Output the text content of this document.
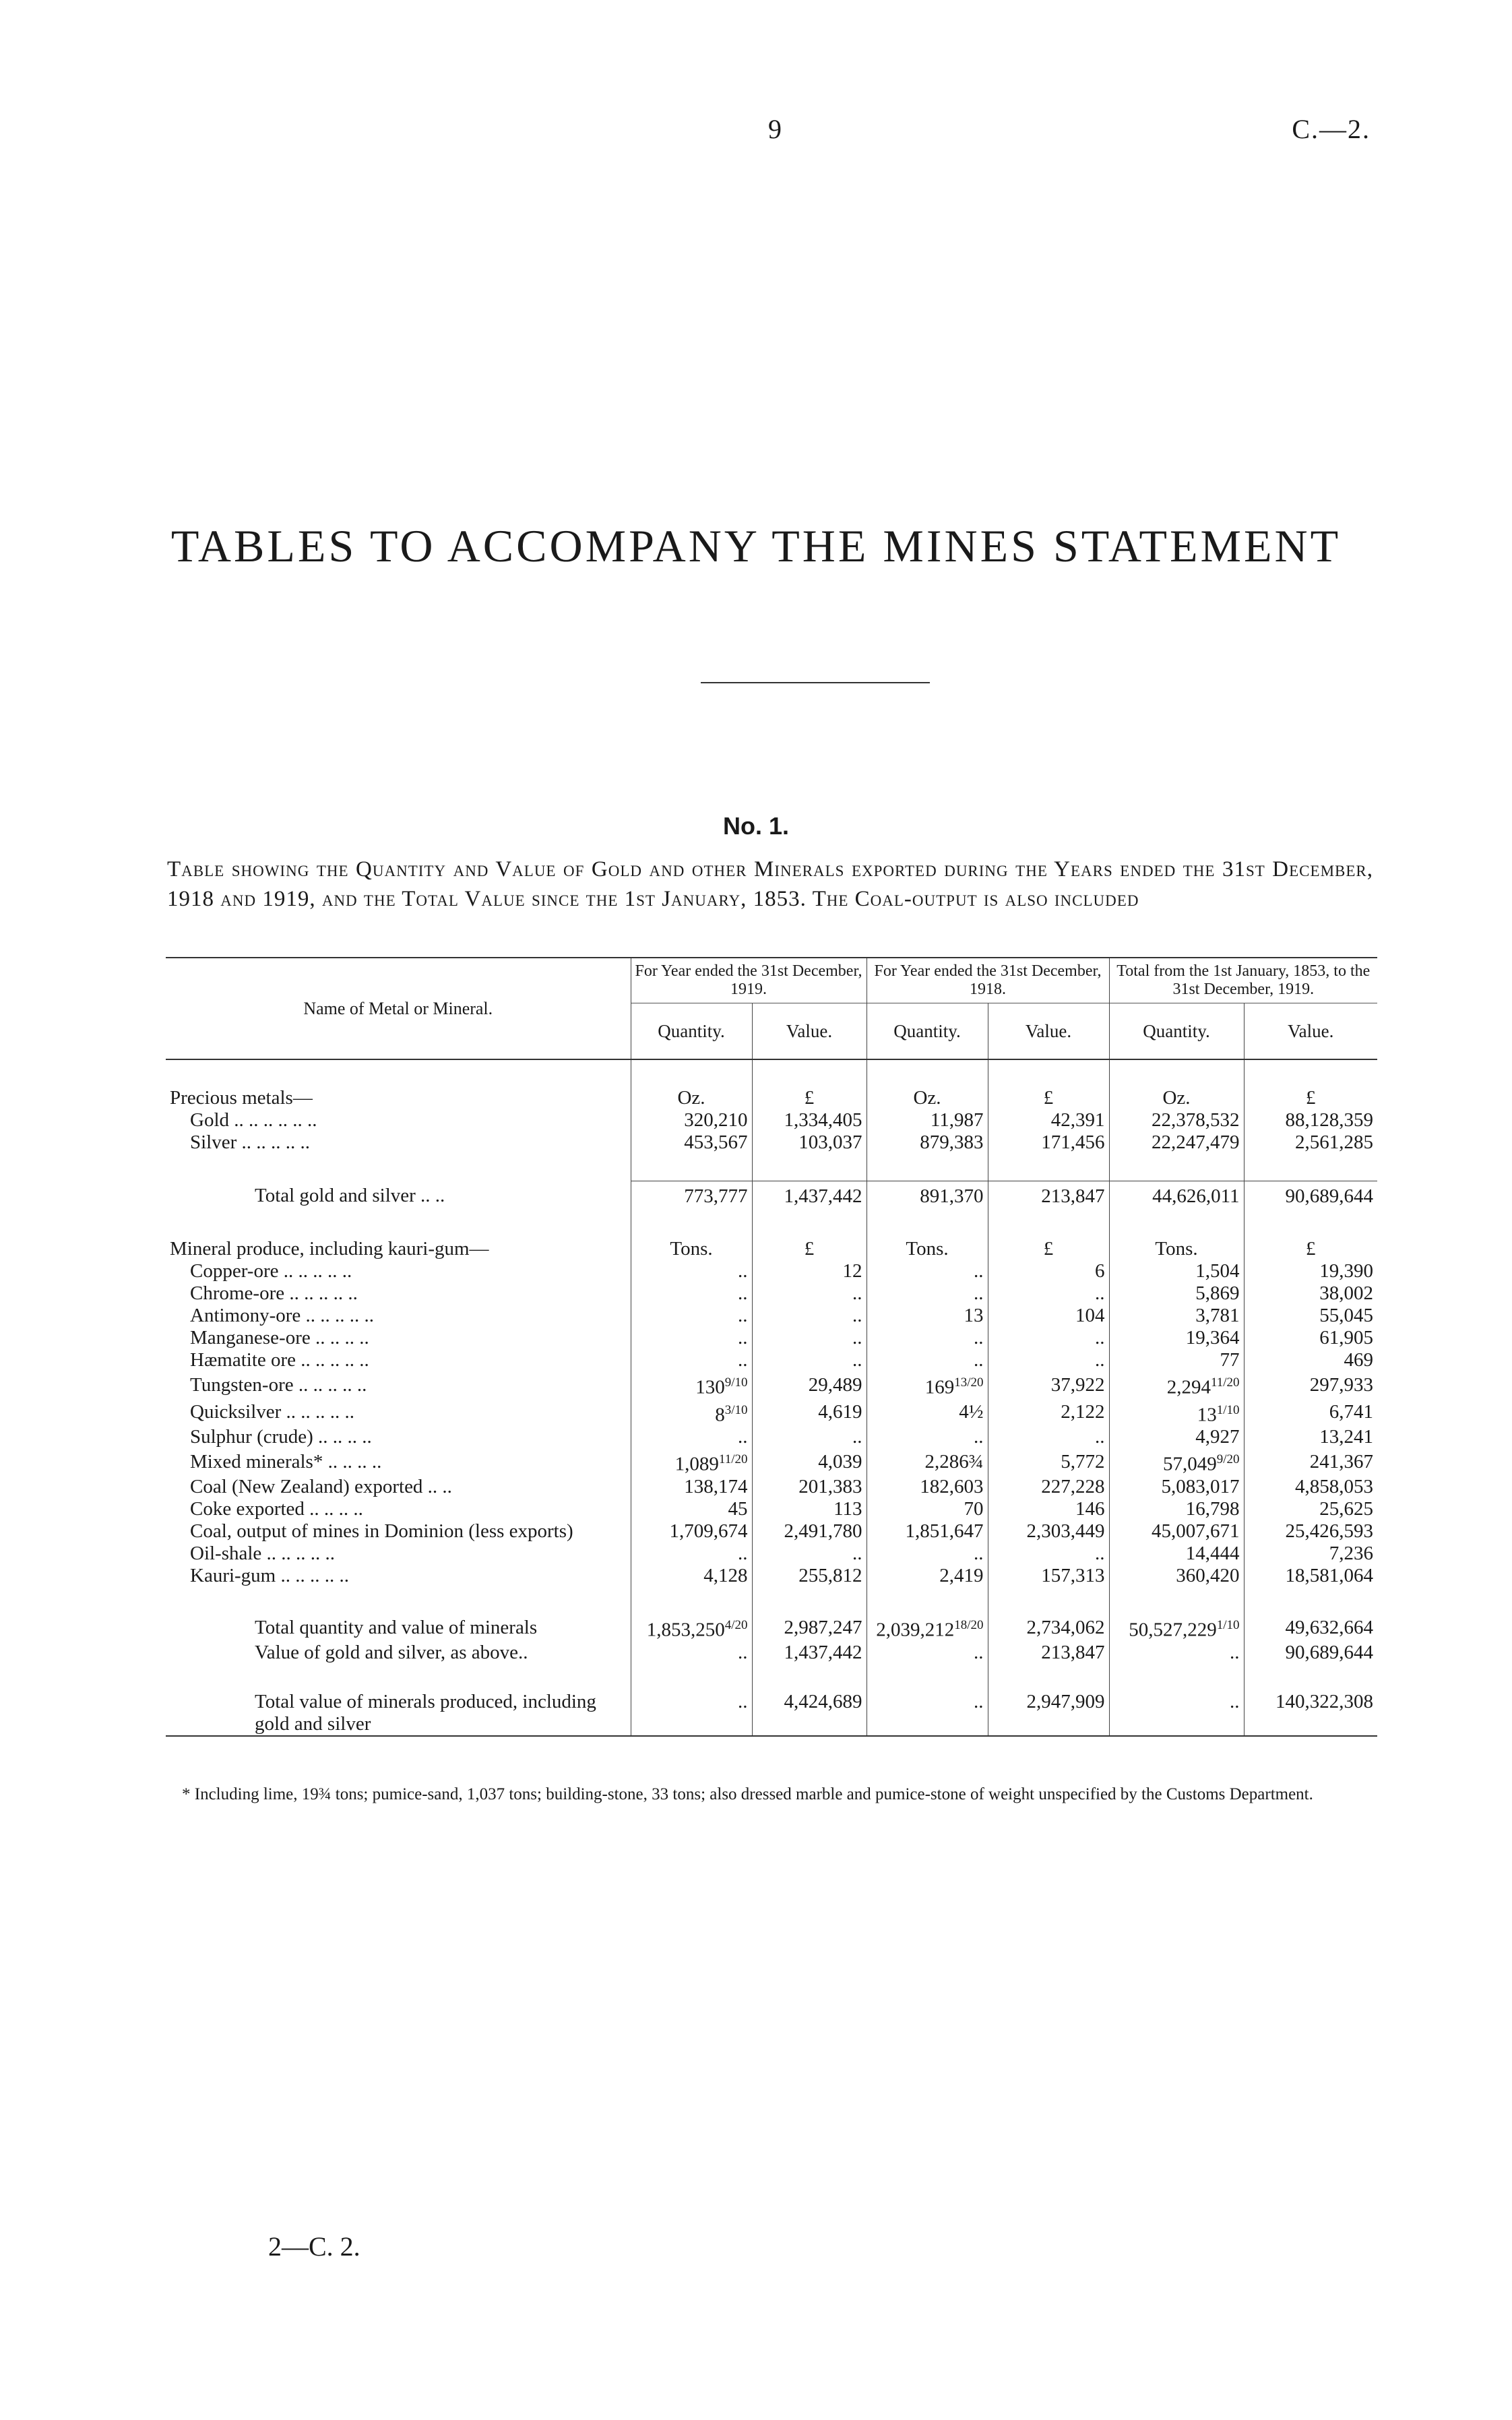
9	C.—2.
TABLES TO ACCOMPANY THE MINES STATEMENT
No. 1.
Table showing the Quantity and Value of Gold and other Minerals exported during the Years ended the 31st December, 1918 and 1919, and the Total Value since the 1st January, 1853. The Coal-output is also included
Name of Metal or Mineral.	For Year ended the 31st December, 1919.		For Year ended the 31st December, 1918.		Total from the 1st January, 1853, to the 31st December, 1919.	
	Quantity.	Value.	Quantity.	Value.	Quantity.	Value.

Precious metals—	Oz.	£	Oz.	£	Oz.	£
Gold .. .. .. .. .. ..	320,210	1,334,405	11,987	42,391	22,378,532	88,128,359
Silver .. .. .. .. ..	453,567	103,037	879,383	171,456	22,247,479	2,561,285

Total gold and silver .. ..	773,777	1,437,442	891,370	213,847	44,626,011	90,689,644

Mineral produce, including kauri-gum—	Tons.	£	Tons.	£	Tons.	£
Copper-ore .. .. .. .. ..	..	12	..	6	1,504	19,390
Chrome-ore .. .. .. .. ..	..	..	..	..	5,869	38,002
Antimony-ore .. .. .. .. ..	..	..	13	104	3,781	55,045
Manganese-ore .. .. .. ..	..	..	..	..	19,364	61,905
Hæmatite ore .. .. .. .. ..	..	..	..	..	77	469
Tungsten-ore .. .. .. .. ..	$130^{9/10}$	29,489	$169^{13/20}$	37,922	$2,294^{11/20}$	297,933
Quicksilver .. .. .. .. ..	$8^{3/10}$	4,619	4½	2,122	$13^{1/10}$	6,741
Sulphur (crude) .. .. .. ..	..	..	..	..	4,927	13,241
Mixed minerals* .. .. .. ..	$1,089^{11/20}$	4,039	2,286¾	5,772	$57,049^{9/20}$	241,367
Coal (New Zealand) exported .. ..	138,174	201,383	182,603	227,228	5,083,017	4,858,053
Coke exported .. .. .. ..	45	113	70	146	16,798	25,625
Coal, output of mines in Dominion (less exports)	1,709,674	2,491,780	1,851,647	2,303,449	45,007,671	25,426,593
Oil-shale .. .. .. .. ..	..	..	..	..	14,444	7,236
Kauri-gum .. .. .. .. ..	4,128	255,812	2,419	157,313	360,420	18,581,064

Total quantity and value of minerals	$1,853,250^{4/20}$	2,987,247	$2,039,212^{18/20}$	2,734,062	$50,527,229^{1/10}$	49,632,664
Value of gold and silver, as above..	..	1,437,442	..	213,847	..	90,689,644

Total value of minerals produced, including gold and silver	..	4,424,689	..	2,947,909	..	140,322,308
* Including lime, 19¾ tons; pumice-sand, 1,037 tons; building-stone, 33 tons; also dressed marble and pumice-stone of weight unspecified by the Customs Department.
2—C. 2.
